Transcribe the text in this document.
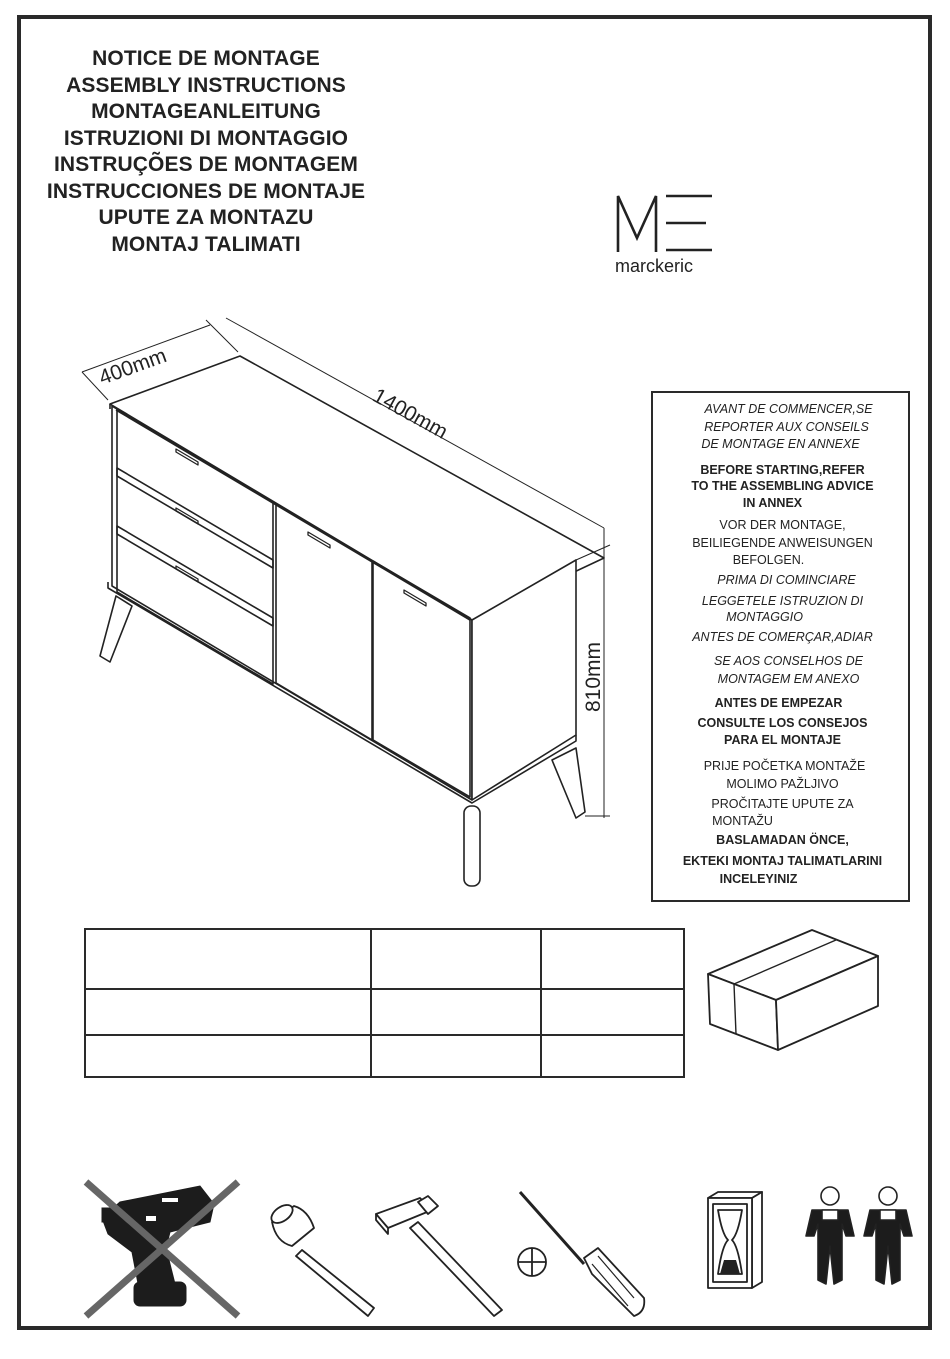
NOTICE DE MONTAGE
ASSEMBLY INSTRUCTIONS
MONTAGEANLEITUNG
ISTRUZIONI DI MONTAGGIO
INSTRUÇÕES DE MONTAGEM
INSTRUCCIONES DE MONTAJE
UPUTE ZA MONTAZU
MONTAJ TALIMATI
marckeric
400mm
1400mm
810mm
AVANT DE COMMENCER,SE
REPORTER AUX CONSEILS
DE MONTAGE EN ANNEXE
BEFORE STARTING,REFER
TO THE ASSEMBLING ADVICE
IN ANNEX
VOR DER MONTAGE,
BEILIEGENDE ANWEISUNGEN
BEFOLGEN.
PRIMA DI COMINCIARE
LEGGETELE ISTRUZION DI
MONTAGGIO
ANTES DE COMERÇAR,ADIAR
SE AOS CONSELHOS DE
MONTAGEM EM ANEXO
ANTES DE EMPEZAR
CONSULTE LOS CONSEJOS
PARA EL MONTAJE
PRIJE POČETKA MONTAŽE
MOLIMO PAŽLJIVO
PROČITAJTE UPUTE ZA
MONTAŽU
BASLAMADAN ÖNCE,
EKTEKI MONTAJ TALIMATLARINI
INCELEYINIZ
